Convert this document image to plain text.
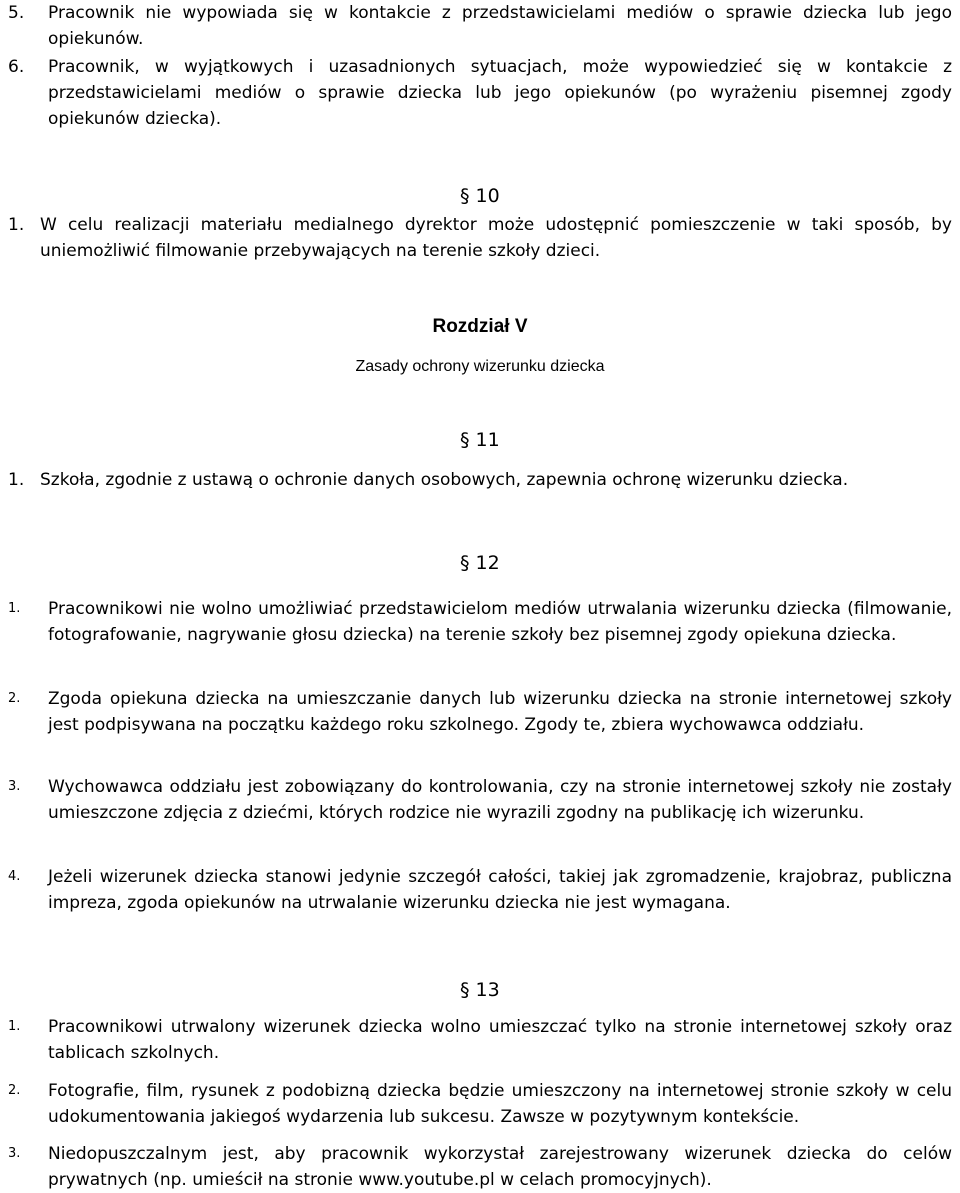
5. Pracownik nie wypowiada się w kontakcie z przedstawicielami mediów o sprawie dziecka lub jego opiekunów.
6. Pracownik, w wyjątkowych i uzasadnionych sytuacjach, może wypowiedzieć się w kontakcie z przedstawicielami mediów o sprawie dziecka lub jego opiekunów (po wyrażeniu pisemnej zgody opiekunów dziecka).
§ 10
1. W celu realizacji materiału medialnego dyrektor może udostępnić pomieszczenie w taki sposób, by uniemożliwić filmowanie przebywających na terenie szkoły dzieci.
Rozdział V
Zasady ochrony wizerunku dziecka
§ 11
1. Szkoła, zgodnie z ustawą o ochronie danych osobowych, zapewnia ochronę wizerunku dziecka.
§ 12
1. Pracownikowi nie wolno umożliwiać przedstawicielom mediów utrwalania wizerunku dziecka (filmowanie, fotografowanie, nagrywanie głosu dziecka) na terenie szkoły bez pisemnej zgody opiekuna dziecka.
2. Zgoda opiekuna dziecka na umieszczanie danych lub wizerunku dziecka na stronie internetowej szkoły jest podpisywana na początku każdego roku szkolnego. Zgody te, zbiera wychowawca oddziału.
3. Wychowawca oddziału jest zobowiązany do kontrolowania, czy na stronie internetowej szkoły nie zostały umieszczone zdjęcia z dziećmi, których rodzice nie wyrazili zgodny na publikację ich wizerunku.
4. Jeżeli wizerunek dziecka stanowi jedynie szczegół całości, takiej jak zgromadzenie, krajobraz, publiczna impreza, zgoda opiekunów na utrwalanie wizerunku dziecka nie jest wymagana.
§ 13
1. Pracownikowi utrwalony wizerunek dziecka wolno umieszczać tylko na stronie internetowej szkoły oraz tablicach szkolnych.
2. Fotografie, film, rysunek z podobizną dziecka będzie umieszczony na internetowej stronie szkoły w celu udokumentowania jakiegoś wydarzenia lub sukcesu. Zawsze w pozytywnym kontekście.
3. Niedopuszczalnym jest, aby pracownik wykorzystał zarejestrowany wizerunek dziecka do celów prywatnych (np. umieścił na stronie www.youtube.pl w celach promocyjnych).
